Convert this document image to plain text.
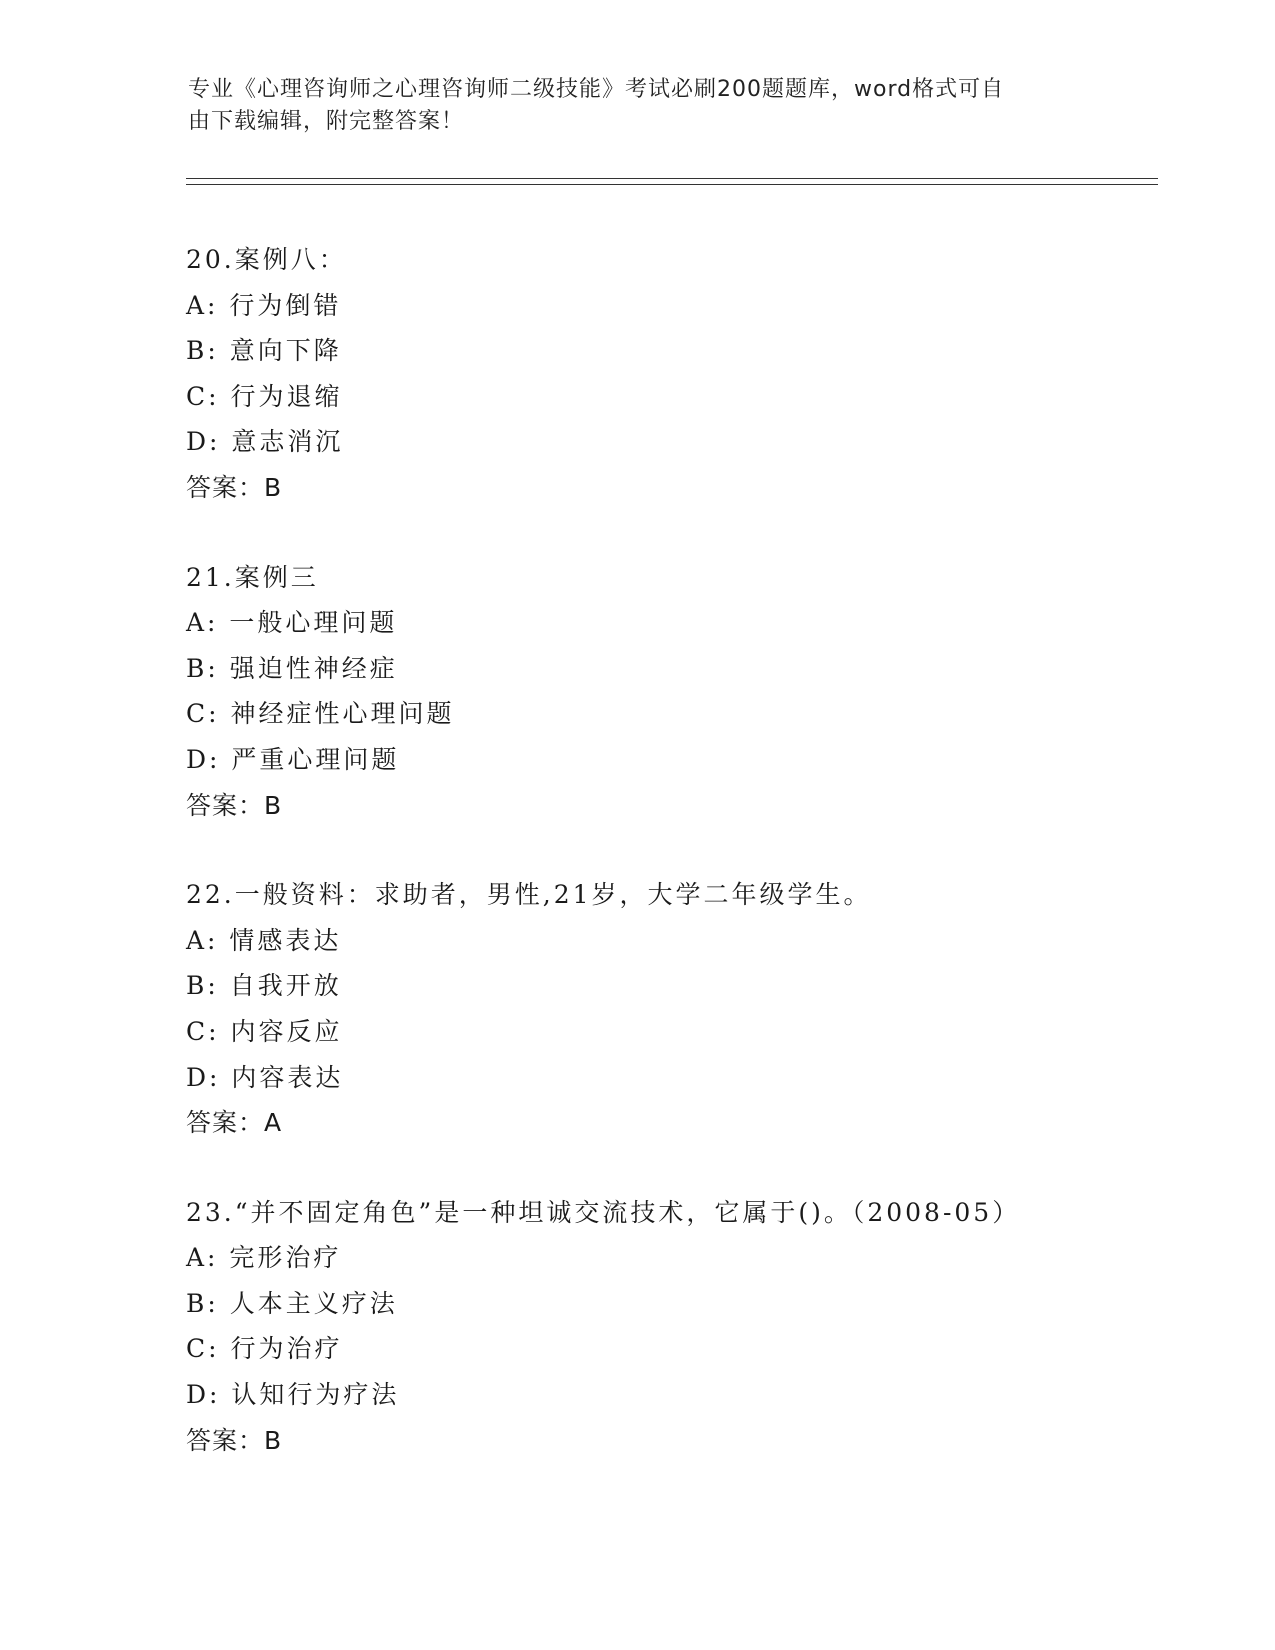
专业《心理咨询师之心理咨询师二级技能》考试必刷200题题库，word格式可自
由下载编辑，附完整答案！
20.案例八：
A: 行为倒错
B: 意向下降
C: 行为退缩
D: 意志消沉
答案：B
21.案例三
A: 一般心理问题
B: 强迫性神经症
C: 神经症性心理问题
D: 严重心理问题
答案：B
22.一般资料：求助者，男性,21岁，大学二年级学生。
A: 情感表达
B: 自我开放
C: 内容反应
D: 内容表达
答案：A
23.“并不固定角色”是一种坦诚交流技术，它属于()。（2008-05）
A: 完形治疗
B: 人本主义疗法
C: 行为治疗
D: 认知行为疗法
答案：B
